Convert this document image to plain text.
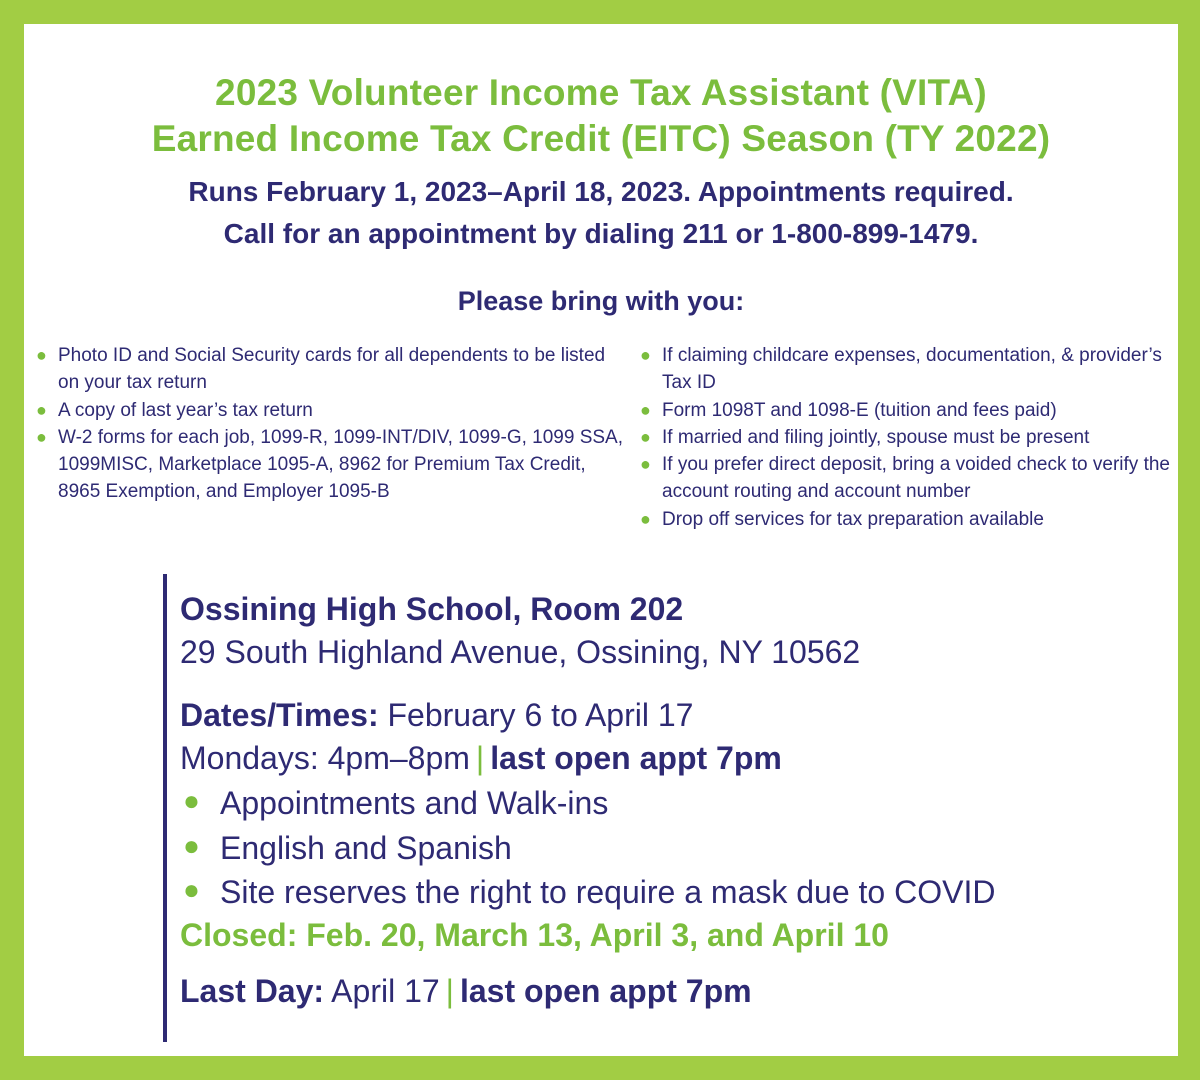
2023 Volunteer Income Tax Assistant (VITA)
Earned Income Tax Credit (EITC) Season (TY 2022)
Runs February 1, 2023–April 18, 2023. Appointments required.
Call for an appointment by dialing 211 or 1-800-899-1479.
Please bring with you:
● Photo ID and Social Security cards for all dependents to be listed on your tax return
● A copy of last year’s tax return
● W-2 forms for each job, 1099-R, 1099-INT/DIV, 1099-G, 1099 SSA, 1099MISC, Marketplace 1095-A, 8962 for Premium Tax Credit, 8965 Exemption, and Employer 1095-B
● If claiming childcare expenses, documentation, & provider’s Tax ID
● Form 1098T and 1098-E (tuition and fees paid)
● If married and filing jointly, spouse must be present
● If you prefer direct deposit, bring a voided check to verify the account routing and account number
● Drop off services for tax preparation available
Ossining High School, Room 202
29 South Highland Avenue, Ossining, NY 10562
Dates/Times: February 6 to April 17
Mondays: 4pm–8pm | last open appt 7pm
● Appointments and Walk-ins
● English and Spanish
● Site reserves the right to require a mask due to COVID
Closed: Feb. 20, March 13, April 3, and April 10
Last Day: April 17 | last open appt 7pm
